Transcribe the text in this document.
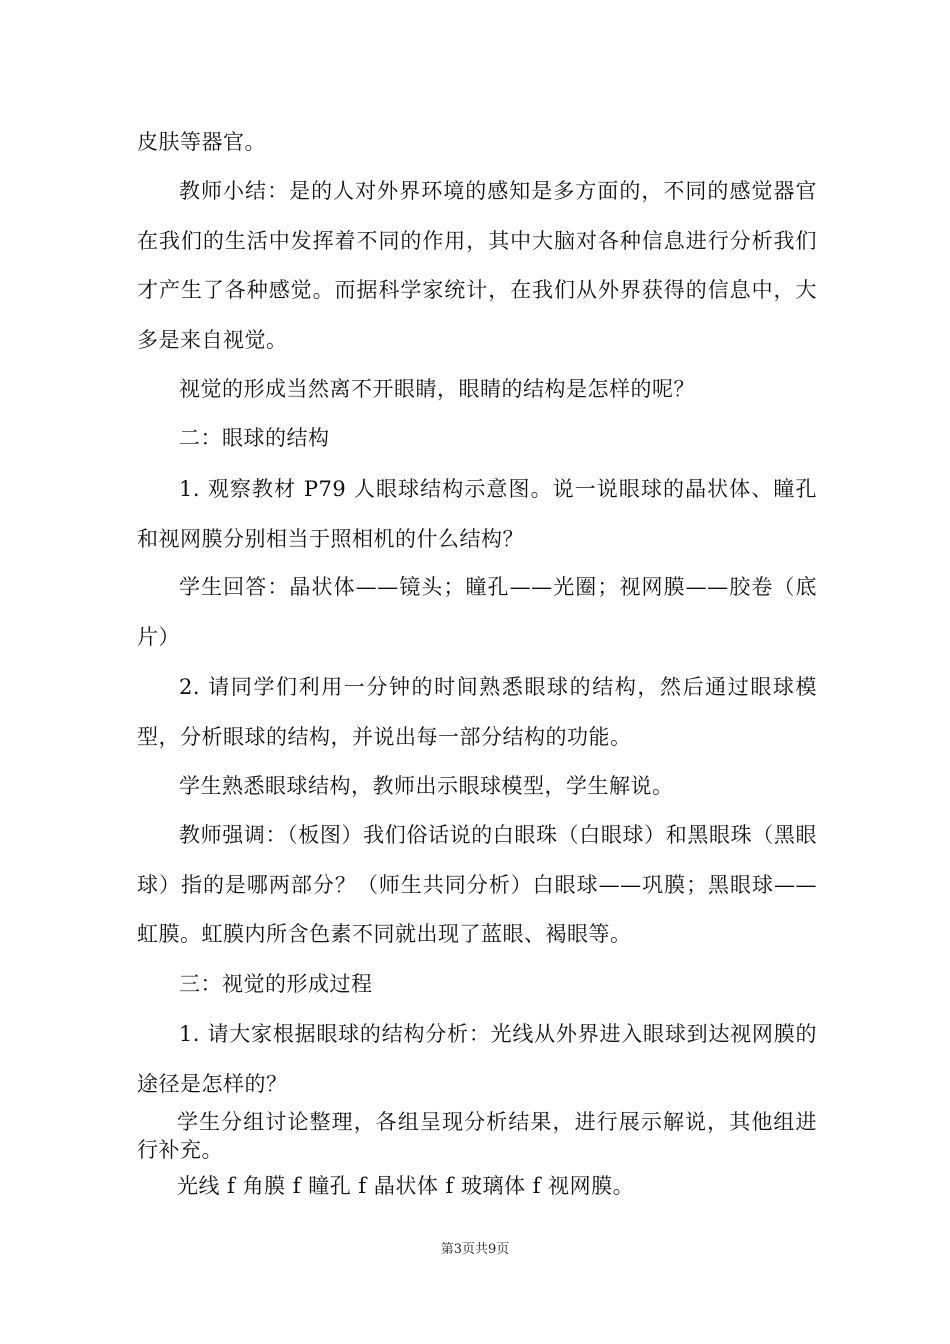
皮肤等器官。

教师小结：是的人对外界环境的感知是多方面的，不同的感觉器官在我们的生活中发挥着不同的作用，其中大脑对各种信息进行分析我们才产生了各种感觉。而据科学家统计，在我们从外界获得的信息中，大多是来自视觉。

视觉的形成当然离不开眼睛，眼睛的结构是怎样的呢？

二：眼球的结构

1. 观察教材 P79 人眼球结构示意图。说一说眼球的晶状体、瞳孔和视网膜分别相当于照相机的什么结构？

学生回答：晶状体——镜头；瞳孔——光圈；视网膜——胶卷（底片）

2. 请同学们利用一分钟的时间熟悉眼球的结构，然后通过眼球模型，分析眼球的结构，并说出每一部分结构的功能。

学生熟悉眼球结构，教师出示眼球模型，学生解说。

教师强调：（板图）我们俗话说的白眼珠（白眼球）和黑眼珠（黑眼球）指的是哪两部分？（师生共同分析）白眼球——巩膜；黑眼球——虹膜。虹膜内所含色素不同就出现了蓝眼、褐眼等。

三：视觉的形成过程

1. 请大家根据眼球的结构分析：光线从外界进入眼球到达视网膜的途径是怎样的？

学生分组讨论整理，各组呈现分析结果，进行展示解说，其他组进行补充。

光线 f 角膜 f 瞳孔 f 晶状体 f 玻璃体 f 视网膜。

第3页共9页
